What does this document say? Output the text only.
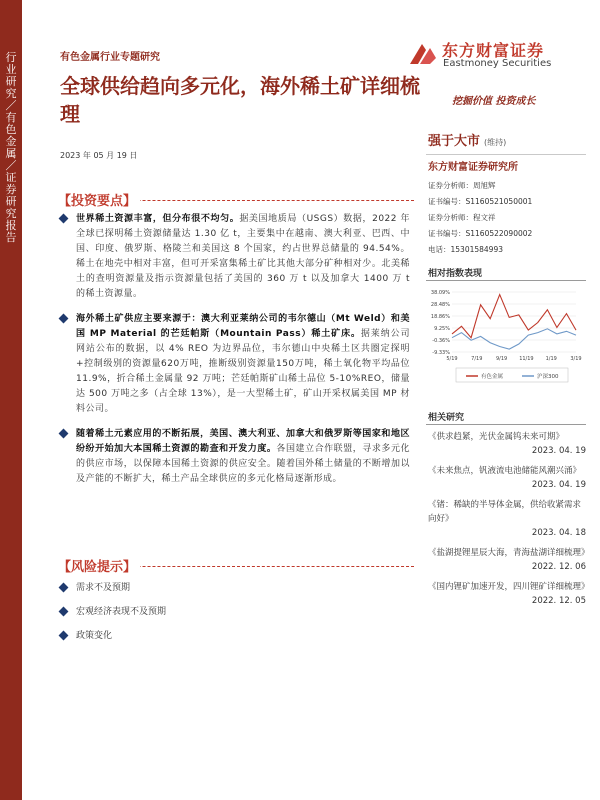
行
业
研
究
／
有
色
金
属
／
证
券
研
究
报
告
有色金属行业专题研究
全球供给趋向多元化，海外稀土矿详细梳理
东方财富证券
Eastmoney Securities
挖掘价值 投资成长
2023 年 05 月 19 日
【投资要点】
世界稀土资源丰富，但分布很不均匀。据美国地质局（USGS）数据，2022 年全球已探明稀土资源储量达 1.30 亿 t，主要集中在越南、澳大利亚、巴西、中国、印度、俄罗斯、格陵兰和美国这 8 个国家，约占世界总储量的 94.54%。稀土在地壳中相对丰富，但可开采富集稀土矿比其他大部分矿种相对少。北美稀土的查明资源量及指示资源量包括了美国的 360 万 t 以及加拿大 1400 万 t 的稀土资源量。
海外稀土矿供应主要来源于：澳大利亚莱纳公司的韦尔德山（Mt Weld）和美国 MP Material 的芒廷帕斯（Mountain Pass）稀土矿床。据莱纳公司网站公布的数据，以 4% REO 为边界品位，韦尔德山中央稀土区共圈定探明+控制级别的资源量620万吨，推断级别资源量150万吨，稀土氧化物平均品位 11.9%，折合稀土金属量 92 万吨；芒廷帕斯矿山稀土品位 5-10%REO，储量达 500 万吨之多（占全球 13%），是一大型稀土矿，矿山开采权属美国 MP 材料公司。
随着稀土元素应用的不断拓展，美国、澳大利亚、加拿大和俄罗斯等国家和地区纷纷开始加大本国稀土资源的勘查和开发力度。各国建立合作联盟，寻求多元化的供应市场，以保障本国稀土资源的供应安全。随着国外稀土储量的不断增加以及产能的不断扩大，稀土产品全球供应的多元化格局逐渐形成。
【风险提示】
需求不及预期
宏观经济表现不及预期
政策变化
强于大市 (维持)
东方财富证券研究所
证券分析师：周旭辉
证书编号：S1160521050001
证券分析师：程文祥
证书编号：S1160522090002
电话：15301584993
相对指数表现
38.09%
28.48%
18.86%
9.25%
-0.36%
-9.33%
5/19	7/19	9/19 11/19 1/19	3/19
有色金属	沪深300
相关研究
《供求趋紧，光伏金属钨未来可期》
2023. 04. 19
《未来焦点，钒液流电池储能风潮兴涌》
2023. 04. 19
《锗：稀缺的半导体金属，供给收紧需求向好》
2023. 04. 18
《盐湖提锂星辰大海，青海盐湖详细梳理》
2022. 12. 06
《国内锂矿加速开发，四川锂矿详细梳理》
2022. 12. 05
